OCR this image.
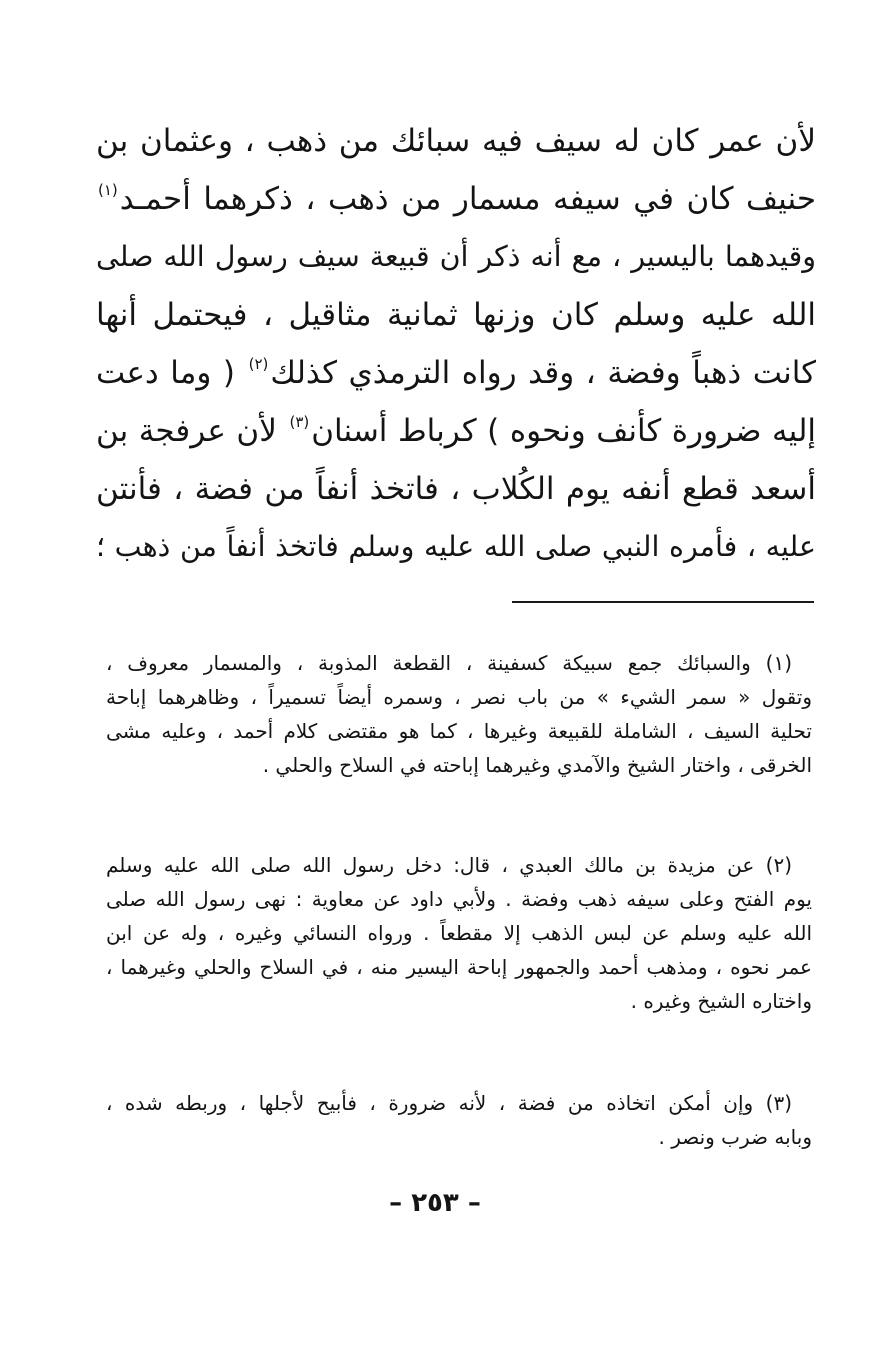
لأن عمر كان له سيف فيه سبائك من ذهب ، وعثمان بن
حنيف كان في سيفه مسمار من ذهب ، ذكرهما أحمـد$^{(١)}$
وقيدهما باليسير ، مع أنه ذكر أن قبيعة سيف رسول الله صلى
الله عليه وسلم كان وزنها ثمانية مثاقيل ، فيحتمل أنها
كانت ذهباً وفضة ، وقد رواه الترمذي كذلك$^{(٢)}$ ( وما دعت
إليه ضرورة كأنف ونحوه ) كرباط أسنان$^{(٣)}$ لأن عرفجة بن
أسعد قطع أنفه يوم الكُلاب ، فاتخذ أنفاً من فضة ، فأنتن
عليه ، فأمره النبي صلى الله عليه وسلم فاتخذ أنفاً من ذهب ؛
(١) والسبائك جمع سبيكة كسفينة ، القطعة المذوبة ، والمسمار معروف ،
وتقول « سمر الشيء » من باب نصر ، وسمره أيضاً تسميراً ، وظاهرهما إباحة
تحلية السيف ، الشاملة للقبيعة وغيرها ، كما هو مقتضى كلام أحمد ، وعليه مشى
الخرقى ، واختار الشيخ والآمدي وغيرهما إباحته في السلاح والحلي .
(٢) عن مزيدة بن مالك العبدي ، قال: دخل رسول الله صلى الله عليه وسلم
يوم الفتح وعلى سيفه ذهب وفضة . ولأبي داود عن معاوية : نهى رسول الله صلى
الله عليه وسلم عن لبس الذهب إلا مقطعاً . ورواه النسائي وغيره ، وله عن ابن
عمر نحوه ، ومذهب أحمد والجمهور إباحة اليسير منه ، في السلاح والحلي وغيرهما ،
واختاره الشيخ وغيره .
(٣) وإن أمكن اتخاذه من فضة ، لأنه ضرورة ، فأبيح لأجلها ، وربطه شده ،
وبابه ضرب ونصر .
– ٢٥٣ –
